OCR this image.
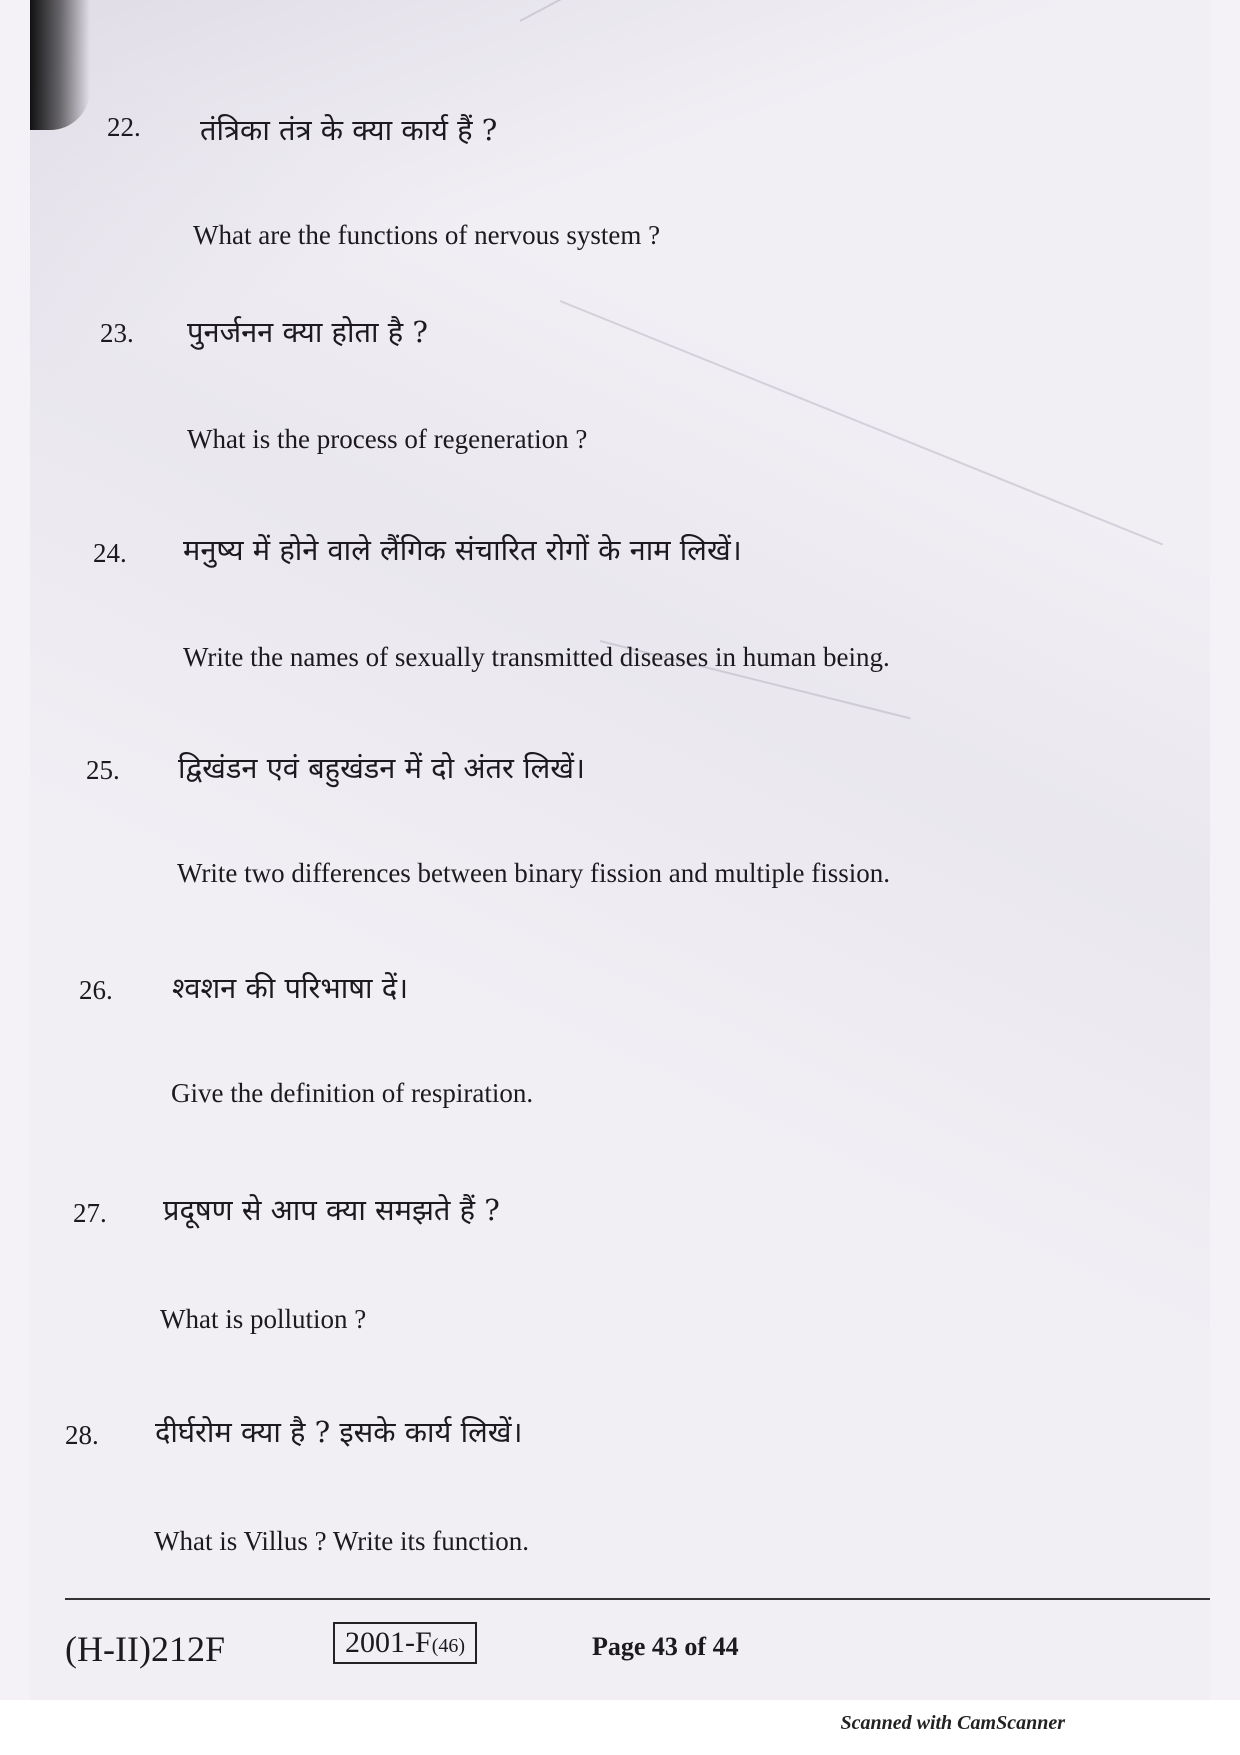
22. तंत्रिका तंत्र के क्या कार्य हैं ?
What are the functions of nervous system ?
23. पुनर्जनन क्या होता है ?
What is the process of regeneration ?
24. मनुष्य में होने वाले लैंगिक संचारित रोगों के नाम लिखें।
Write the names of sexually transmitted diseases in human being.
25. द्विखंडन एवं बहुखंडन में दो अंतर लिखें।
Write two differences between binary fission and multiple fission.
26. श्वशन की परिभाषा दें।
Give the definition of respiration.
27. प्रदूषण से आप क्या समझते हैं ?
What is pollution ?
28. दीर्घरोम क्या है ? इसके कार्य लिखें।
What is Villus ? Write its function.
(H-II)212F	2001-F(46)	Page 43 of 44
Scanned with CamScanner
